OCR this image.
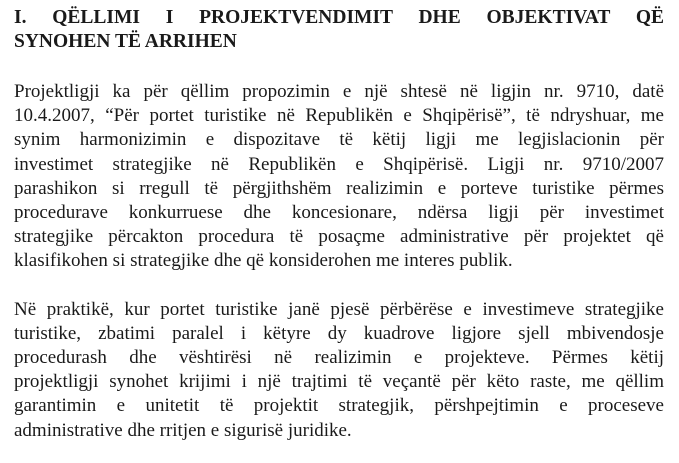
I. QËLLIMI I PROJEKTVENDIMIT DHE OBJEKTIVAT QË
SYNOHEN TË ARRIHEN

Projektligji ka për qëllim propozimin e një shtesë në ligjin nr. 9710, datë
10.4.2007, “Për portet turistike në Republikën e Shqipërisë”, të ndryshuar, me
synim harmonizimin e dispozitave të këtij ligji me legjislacionin për
investimet strategjike në Republikën e Shqipërisë. Ligji nr. 9710/2007
parashikon si rregull të përgjithshëm realizimin e porteve turistike përmes
procedurave konkurruese dhe koncesionare, ndërsa ligji për investimet
strategjike përcakton procedura të posaçme administrative për projektet që
klasifikohen si strategjike dhe që konsiderohen me interes publik.

Në praktikë, kur portet turistike janë pjesë përbërëse e investimeve strategjike
turistike, zbatimi paralel i këtyre dy kuadrove ligjore sjell mbivendosje
procedurash dhe vështirësi në realizimin e projekteve. Përmes këtij
projektligji synohet krijimi i një trajtimi të veçantë për këto raste, me qëllim
garantimin e unitetit të projektit strategjik, përshpejtimin e proceseve
administrative dhe rritjen e sigurisë juridike.
